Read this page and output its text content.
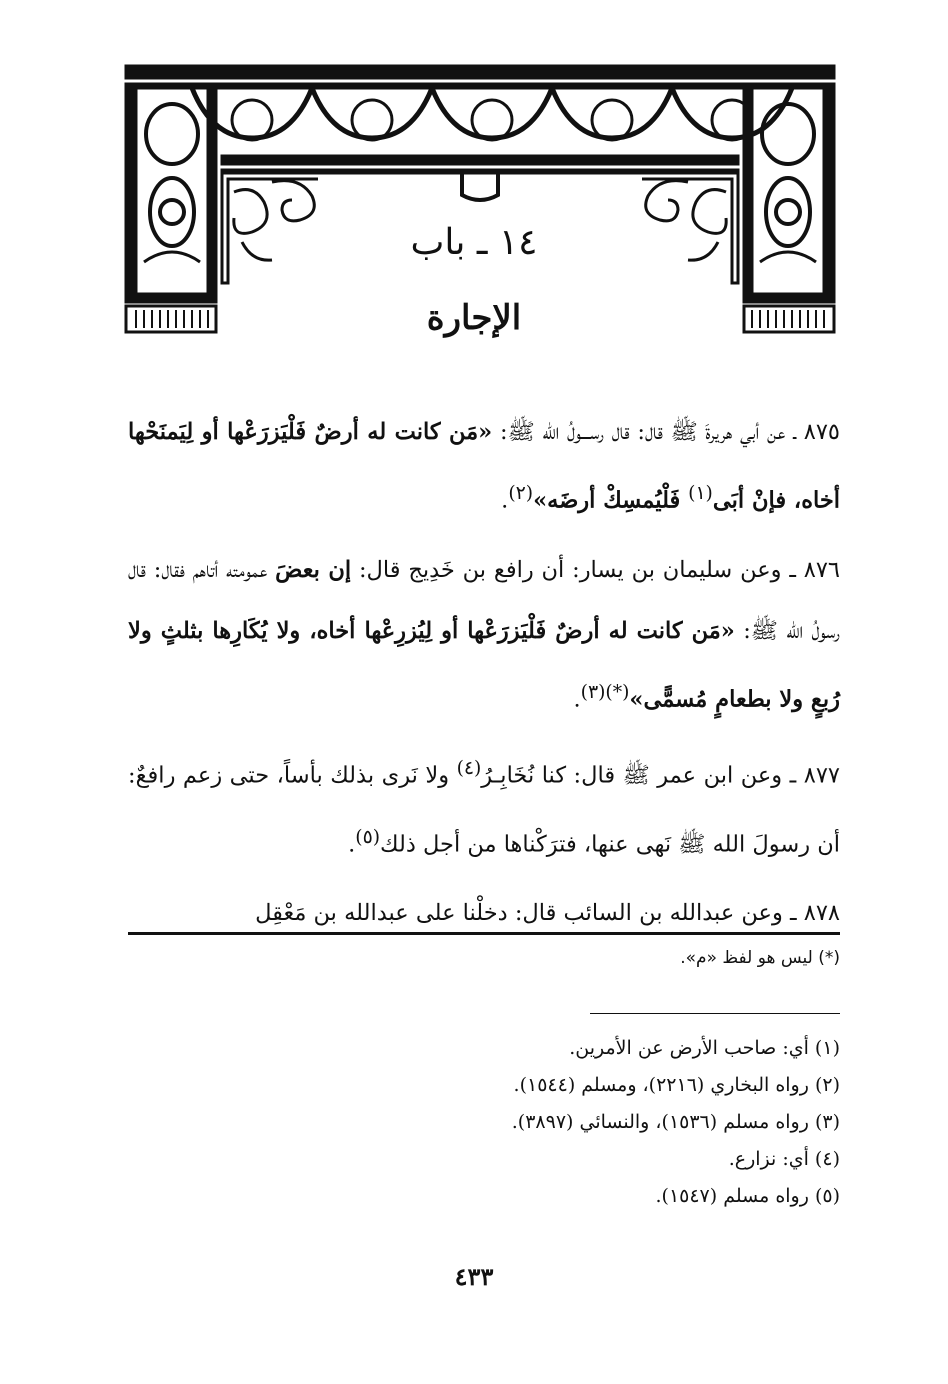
١٤ ـ باب
الإجارة

٨٧٥ ـ عن أبي هريرةَ ﷺ قال: قال رســـولُ الله ﷺ: «مَن كانت له أرضٌ فَلْيَزرَعْها أو لِيَمنَحْها أخاه، فإنْ أبَى$^{(١)}$ فَلْيُمسِكْ أرضَه»$^{(٢)}$.

٨٧٦ ـ وعن سليمان بن يسار: أن رافع بن خَدِيج قال: إن بعضَ عمومته أتاهم فقال: قال رسولُ الله ﷺ: «مَن كانت له أرضٌ فَلْيَزرَعْها أو لِيُزرِعْها أخاه، ولا يُكَارِها بثلثٍ ولا رُبعٍ ولا بطعامٍ مُسمًّى»$^{(*)(٣)}$.

٨٧٧ ـ وعن ابن عمر ﷺ قال: كنا نُخَابِـرُ$^{(٤)}$ ولا نَرى بذلك بأساً، حتى زعم رافعٌ: أن رسولَ الله ﷺ نَهى عنها، فترَكْناها من أجل ذلك$^{(٥)}$.

٨٧٨ ـ وعن عبدالله بن السائب قال: دخلْنا على عبدالله بن مَعْقِل

(*) ليس هو لفظ «م».
(١) أي: صاحب الأرض عن الأمرين.
(٢) رواه البخاري (٢٢١٦)، ومسلم (١٥٤٤).
(٣) رواه مسلم (١٥٣٦)، والنسائي (٣٨٩٧).
(٤) أي: نزارع.
(٥) رواه مسلم (١٥٤٧).
٤٣٣
